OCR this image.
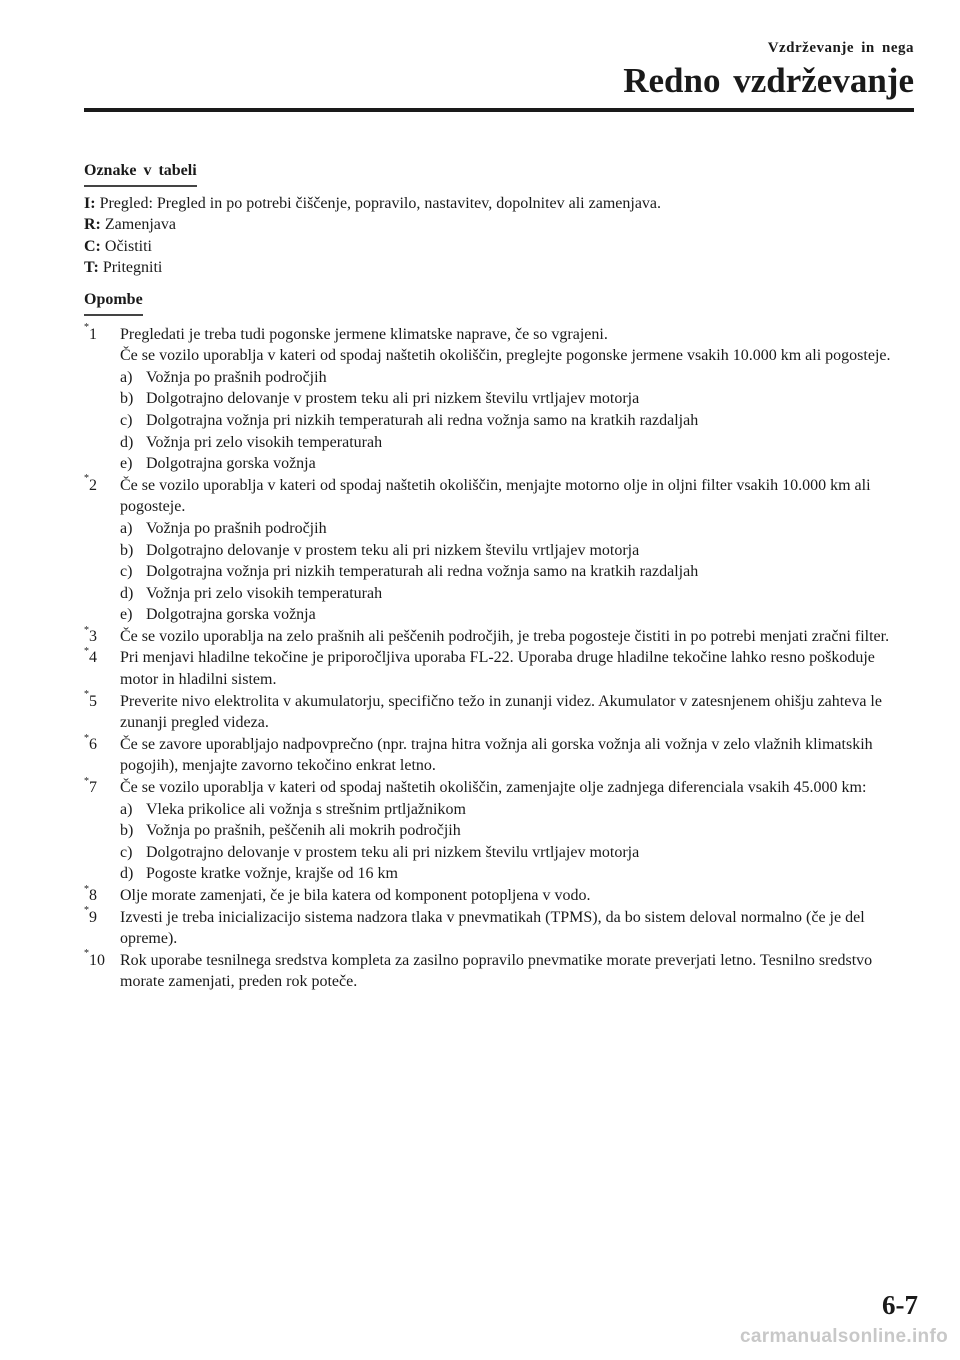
Vzdrževanje in nega
Redno vzdrževanje
Oznake v tabeli
I: Pregled: Pregled in po potrebi čiščenje, popravilo, nastavitev, dopolnitev ali zamenjava.
R: Zamenjava
C: Očistiti
T: Pritegniti
Opombe
*1 Pregledati je treba tudi pogonske jermene klimatske naprave, če so vgrajeni.
Če se vozilo uporablja v kateri od spodaj naštetih okoliščin, preglejte pogonske jermene vsakih 10.000 km ali pogosteje.
a) Vožnja po prašnih področjih
b) Dolgotrajno delovanje v prostem teku ali pri nizkem številu vrtljajev motorja
c) Dolgotrajna vožnja pri nizkih temperaturah ali redna vožnja samo na kratkih razdaljah
d) Vožnja pri zelo visokih temperaturah
e) Dolgotrajna gorska vožnja
*2 Če se vozilo uporablja v kateri od spodaj naštetih okoliščin, menjajte motorno olje in oljni filter vsakih 10.000 km ali pogosteje.
a) Vožnja po prašnih področjih
b) Dolgotrajno delovanje v prostem teku ali pri nizkem številu vrtljajev motorja
c) Dolgotrajna vožnja pri nizkih temperaturah ali redna vožnja samo na kratkih razdaljah
d) Vožnja pri zelo visokih temperaturah
e) Dolgotrajna gorska vožnja
*3 Če se vozilo uporablja na zelo prašnih ali peščenih področjih, je treba pogosteje čistiti in po potrebi menjati zračni filter.
*4 Pri menjavi hladilne tekočine je priporočljiva uporaba FL-22. Uporaba druge hladilne tekočine lahko resno poškoduje motor in hladilni sistem.
*5 Preverite nivo elektrolita v akumulatorju, specifično težo in zunanji videz. Akumulator v zatesnjenem ohišju zahteva le zunanji pregled videza.
*6 Če se zavore uporabljajo nadpovprečno (npr. trajna hitra vožnja ali gorska vožnja ali vožnja v zelo vlažnih klimatskih pogojih), menjajte zavorno tekočino enkrat letno.
*7 Če se vozilo uporablja v kateri od spodaj naštetih okoliščin, zamenjajte olje zadnjega diferenciala vsakih 45.000 km:
a) Vleka prikolice ali vožnja s strešnim prtljažnikom
b) Vožnja po prašnih, peščenih ali mokrih področjih
c) Dolgotrajno delovanje v prostem teku ali pri nizkem številu vrtljajev motorja
d) Pogoste kratke vožnje, krajše od 16 km
*8 Olje morate zamenjati, če je bila katera od komponent potopljena v vodo.
*9 Izvesti je treba inicializacijo sistema nadzora tlaka v pnevmatikah (TPMS), da bo sistem deloval normalno (če je del opreme).
*10 Rok uporabe tesnilnega sredstva kompleta za zasilno popravilo pnevmatike morate preverjati letno. Tesnilno sredstvo morate zamenjati, preden rok poteče.
6-7
carmanualsonline.info
